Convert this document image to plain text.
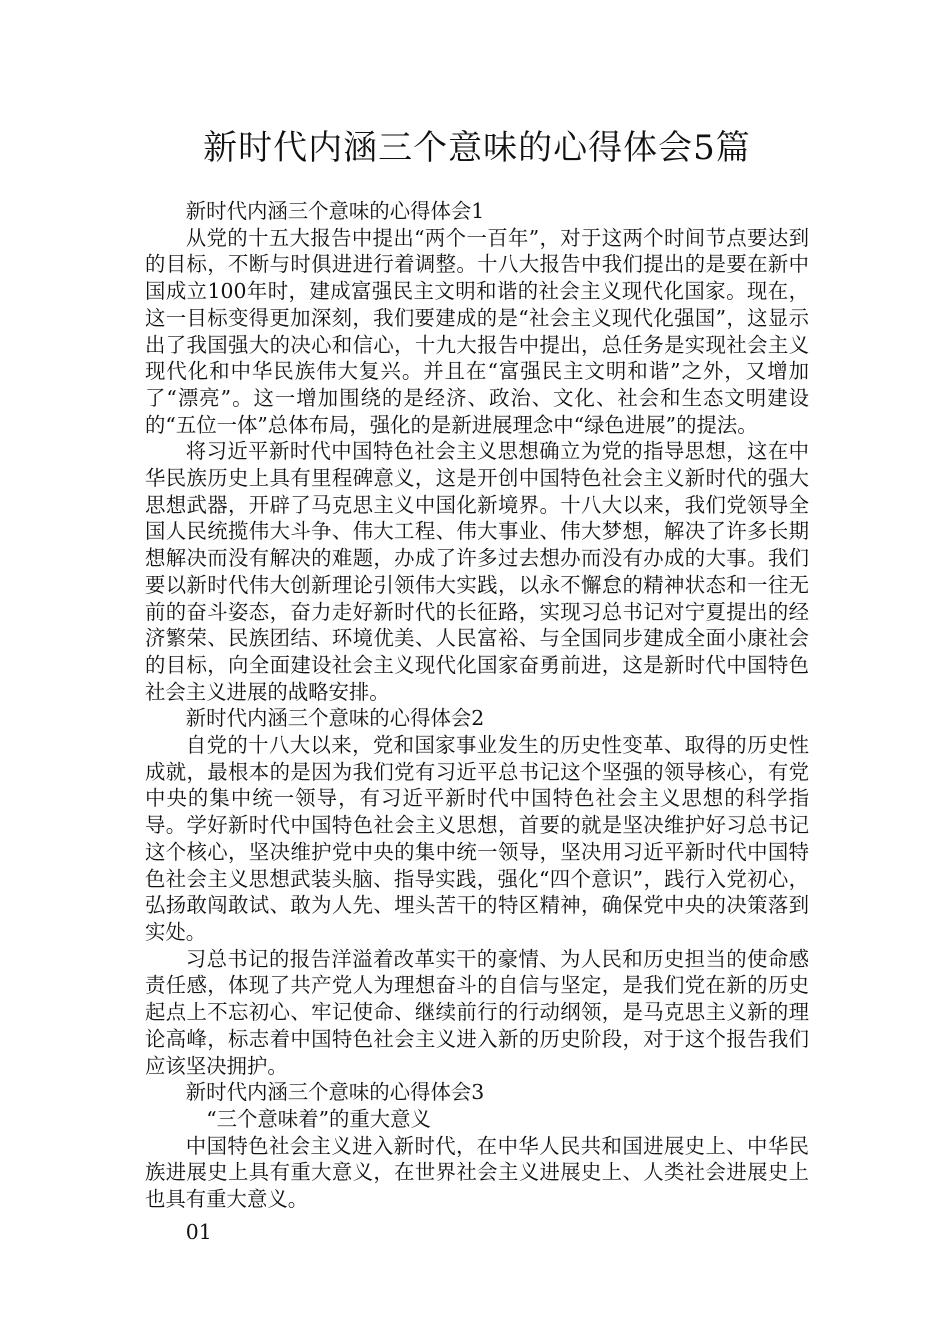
新时代内涵三个意味的心得体会5篇

新时代内涵三个意味的心得体会1

从党的十五大报告中提出“两个一百年”，对于这两个时间节点要达到的目标，不断与时俱进进行着调整。十八大报告中我们提出的是要在新中国成立100年时，建成富强民主文明和谐的社会主义现代化国家。现在，这一目标变得更加深刻，我们要建成的是“社会主义现代化强国”，这显示出了我国强大的决心和信心，十九大报告中提出，总任务是实现社会主义现代化和中华民族伟大复兴。并且在“富强民主文明和谐”之外，又增加了“漂亮”。这一增加围绕的是经济、政治、文化、社会和生态文明建设的“五位一体”总体布局，强化的是新进展理念中“绿色进展”的提法。

将习近平新时代中国特色社会主义思想确立为党的指导思想，这在中华民族历史上具有里程碑意义，这是开创中国特色社会主义新时代的强大思想武器，开辟了马克思主义中国化新境界。十八大以来，我们党领导全国人民统揽伟大斗争、伟大工程、伟大事业、伟大梦想，解决了许多长期想解决而没有解决的难题，办成了许多过去想办而没有办成的大事。我们要以新时代伟大创新理论引领伟大实践，以永不懈怠的精神状态和一往无前的奋斗姿态，奋力走好新时代的长征路，实现习总书记对宁夏提出的经济繁荣、民族团结、环境优美、人民富裕、与全国同步建成全面小康社会的目标，向全面建设社会主义现代化国家奋勇前进，这是新时代中国特色社会主义进展的战略安排。

新时代内涵三个意味的心得体会2

自党的十八大以来，党和国家事业发生的历史性变革、取得的历史性成就，最根本的是因为我们党有习近平总书记这个坚强的领导核心，有党中央的集中统一领导，有习近平新时代中国特色社会主义思想的科学指导。学好新时代中国特色社会主义思想，首要的就是坚决维护好习总书记这个核心，坚决维护党中央的集中统一领导，坚决用习近平新时代中国特色社会主义思想武装头脑、指导实践，强化“四个意识”，践行入党初心，弘扬敢闯敢试、敢为人先、埋头苦干的特区精神，确保党中央的决策落到实处。

习总书记的报告洋溢着改革实干的豪情、为人民和历史担当的使命感责任感，体现了共产党人为理想奋斗的自信与坚定，是我们党在新的历史起点上不忘初心、牢记使命、继续前行的行动纲领，是马克思主义新的理论高峰，标志着中国特色社会主义进入新的历史阶段，对于这个报告我们应该坚决拥护。

新时代内涵三个意味的心得体会3

“三个意味着”的重大意义

中国特色社会主义进入新时代，在中华人民共和国进展史上、中华民族进展史上具有重大意义，在世界社会主义进展史上、人类社会进展史上也具有重大意义。

01
